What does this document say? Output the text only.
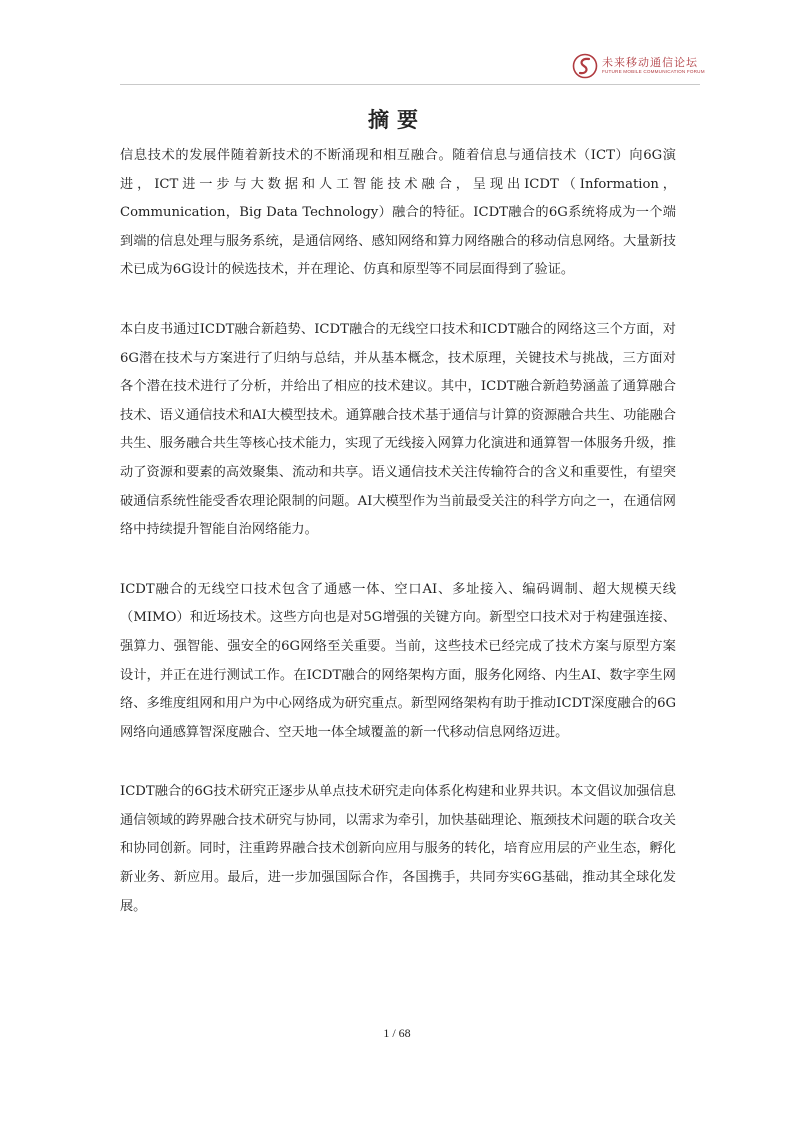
未来移动通信论坛
FUTURE MOBILE COMMUNICATION FORUM
摘要

信息技术的发展伴随着新技术的不断涌现和相互融合。随着信息与通信技术（ICT）向6G演进，ICT进一步与大数据和人工智能技术融合，呈现出ICDT（Information，Communication，Big Data Technology）融合的特征。ICDT融合的6G系统将成为一个端到端的信息处理与服务系统，是通信网络、感知网络和算力网络融合的移动信息网络。大量新技术已成为6G设计的候选技术，并在理论、仿真和原型等不同层面得到了验证。

本白皮书通过ICDT融合新趋势、ICDT融合的无线空口技术和ICDT融合的网络这三个方面，对6G潜在技术与方案进行了归纳与总结，并从基本概念，技术原理，关键技术与挑战，三方面对各个潜在技术进行了分析，并给出了相应的技术建议。其中，ICDT融合新趋势涵盖了通算融合技术、语义通信技术和AI大模型技术。通算融合技术基于通信与计算的资源融合共生、功能融合共生、服务融合共生等核心技术能力，实现了无线接入网算力化演进和通算智一体服务升级，推动了资源和要素的高效聚集、流动和共享。语义通信技术关注传输符合的含义和重要性，有望突破通信系统性能受香农理论限制的问题。AI大模型作为当前最受关注的科学方向之一，在通信网络中持续提升智能自治网络能力。

ICDT融合的无线空口技术包含了通感一体、空口AI、多址接入、编码调制、超大规模天线（MIMO）和近场技术。这些方向也是对5G增强的关键方向。新型空口技术对于构建强连接、强算力、强智能、强安全的6G网络至关重要。当前，这些技术已经完成了技术方案与原型方案设计，并正在进行测试工作。在ICDT融合的网络架构方面，服务化网络、内生AI、数字孪生网络、多维度组网和用户为中心网络成为研究重点。新型网络架构有助于推动ICDT深度融合的6G网络向通感算智深度融合、空天地一体全域覆盖的新一代移动信息网络迈进。

ICDT融合的6G技术研究正逐步从单点技术研究走向体系化构建和业界共识。本文倡议加强信息通信领域的跨界融合技术研究与协同，以需求为牵引，加快基础理论、瓶颈技术问题的联合攻关和协同创新。同时，注重跨界融合技术创新向应用与服务的转化，培育应用层的产业生态，孵化新业务、新应用。最后，进一步加强国际合作，各国携手，共同夯实6G基础，推动其全球化发展。

1 / 68
